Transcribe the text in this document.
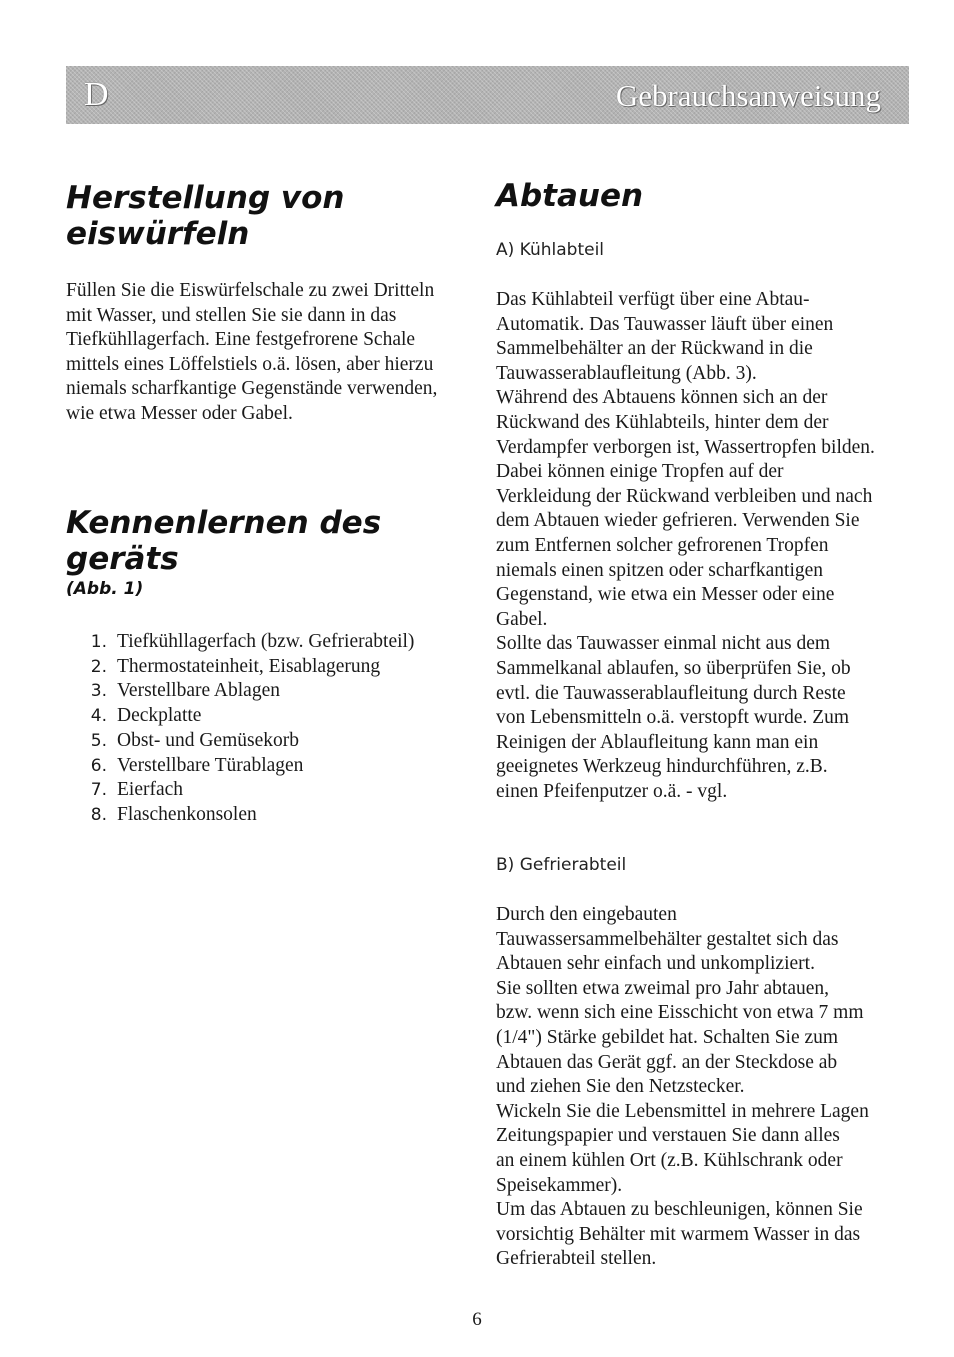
D	Gebrauchsanweisung
Herstellung von
eiswürfeln
Füllen Sie die Eiswürfelschale zu zwei Dritteln
mit Wasser, und stellen Sie sie dann in das
Tiefkühllagerfach. Eine festgefrorene Schale
mittels eines Löffelstiels o.ä. lösen, aber hierzu
niemals scharfkantige Gegenstände verwenden,
wie etwa Messer oder Gabel.
Kennenlernen des
geräts
(Abb. 1)
1. Tiefkühllagerfach (bzw. Gefrierabteil)
2. Thermostateinheit, Eisablagerung
3. Verstellbare Ablagen
4. Deckplatte
5. Obst- und Gemüsekorb
6. Verstellbare Türablagen
7. Eierfach
8. Flaschenkonsolen
Abtauen
A) Kühlabteil
Das Kühlabteil verfügt über eine Abtau-
Automatik. Das Tauwasser läuft über einen
Sammelbehälter an der Rückwand in die
Tauwasserablaufleitung (Abb. 3).
Während des Abtauens können sich an der
Rückwand des Kühlabteils, hinter dem der
Verdampfer verborgen ist, Wassertropfen bilden.
Dabei können einige Tropfen auf der
Verkleidung der Rückwand verbleiben und nach
dem Abtauen wieder gefrieren. Verwenden Sie
zum Entfernen solcher gefrorenen Tropfen
niemals einen spitzen oder scharfkantigen
Gegenstand, wie etwa ein Messer oder eine
Gabel.
Sollte das Tauwasser einmal nicht aus dem
Sammelkanal ablaufen, so überprüfen Sie, ob
evtl. die Tauwasserablaufleitung durch Reste
von Lebensmitteln o.ä. verstopft wurde. Zum
Reinigen der Ablaufleitung kann man ein
geeignetes Werkzeug hindurchführen, z.B.
einen Pfeifenputzer o.ä. - vgl.
B) Gefrierabteil
Durch den eingebauten
Tauwassersammelbehälter gestaltet sich das
Abtauen sehr einfach und unkompliziert.
Sie sollten etwa zweimal pro Jahr abtauen,
bzw. wenn sich eine Eisschicht von etwa 7 mm
(1/4") Stärke gebildet hat. Schalten Sie zum
Abtauen das Gerät ggf. an der Steckdose ab
und ziehen Sie den Netzstecker.
Wickeln Sie die Lebensmittel in mehrere Lagen
Zeitungspapier und verstauen Sie dann alles
an einem kühlen Ort (z.B. Kühlschrank oder
Speisekammer).
Um das Abtauen zu beschleunigen, können Sie
vorsichtig Behälter mit warmem Wasser in das
Gefrierabteil stellen.
6
